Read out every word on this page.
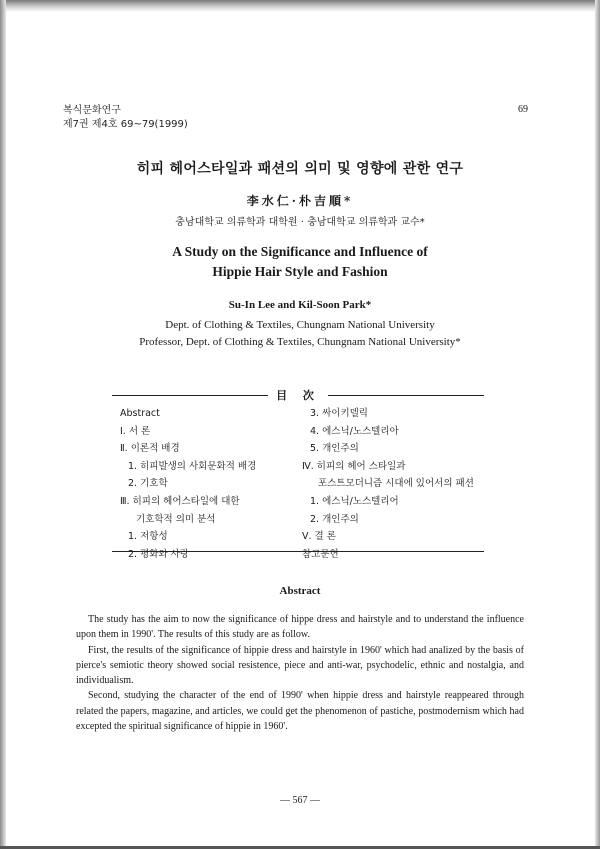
복식문화연구
제7권 제4호 69~79(1999)
69
히피 헤어스타일과 패션의 의미 및 영향에 관한 연구
李水仁·朴吉順*
충남대학교 의류학과 대학원 · 충남대학교 의류학과 교수*
A Study on the Significance and Influence of
Hippie Hair Style and Fashion
Su-In Lee and Kil-Soon Park*
Dept. of Clothing & Textiles, Chungnam National University
Professor, Dept. of Clothing & Textiles, Chungnam National University*
目 次
Abstract
Ⅰ. 서 론
Ⅱ. 이론적 배경
1. 히피발생의 사회문화적 배경
2. 기호학
Ⅲ. 히피의 헤어스타일에 대한
기호학적 의미 분석
1. 저항성
2. 평화와 사랑
3. 싸이키델릭
4. 에스닉/노스텔리아
5. 개인주의
Ⅳ. 히피의 헤어 스타일과
포스트모더니즘 시대에 있어서의 패션
1. 에스닉/노스텔리어
2. 개인주의
Ⅴ. 결 론
참고문헌
Abstract

The study has the aim to now the significance of hippe dress and hairstyle and to understand the influence upon them in 1990'. The results of this study are as follow.

First, the results of the significance of hippie dress and hairstyle in 1960' which had analized by the basis of pierce's semiotic theory showed social resistence, piece and anti-war, psychodelic, ethnic and nostalgia, and individualism.

Second, studying the character of the end of 1990' when hippie dress and hairstyle reappeared through related the papers, magazine, and articles, we could get the phenomenon of pastiche, postmodernism which had excepted the spiritual significance of hippie in 1960'.

— 567 —
